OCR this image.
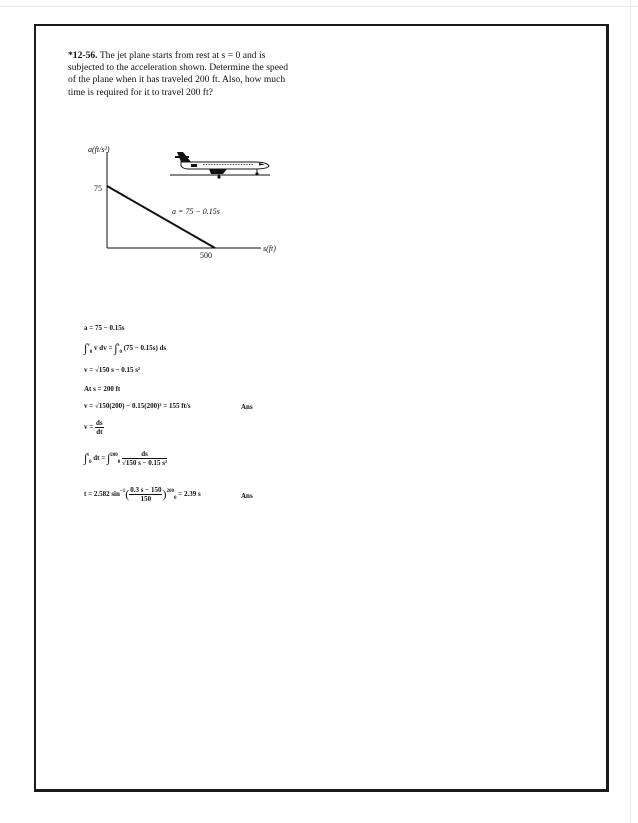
*12-56. The jet plane starts from rest at s = 0 and is
subjected to the acceleration shown. Determine the speed
of the plane when it has traveled 200 ft. Also, how much
time is required for it to travel 200 ft?
a(ft/s²)
75
500
s(ft)
a = 75 − 0.15s
a = 75 − 0.15s
∫$^v_0$ v dv = ∫$^s_0$ (75 − 0.15s) ds
v = √150 s − 0.15 s²
At s = 200 ft
v = √150(200) − 0.15(200)² = 155 ft/s	Ans
$v = \frac{ds}{dt}$
∫$^t_0$ dt = $\int^{200}_0 \frac{ds}{\text{√150 s − 0.15 s²}}$
t = 2.582 $\sin^{-1}( \frac{0.3 s - 150}{150} )^{200}_0 = 2.39$ s	Ans
